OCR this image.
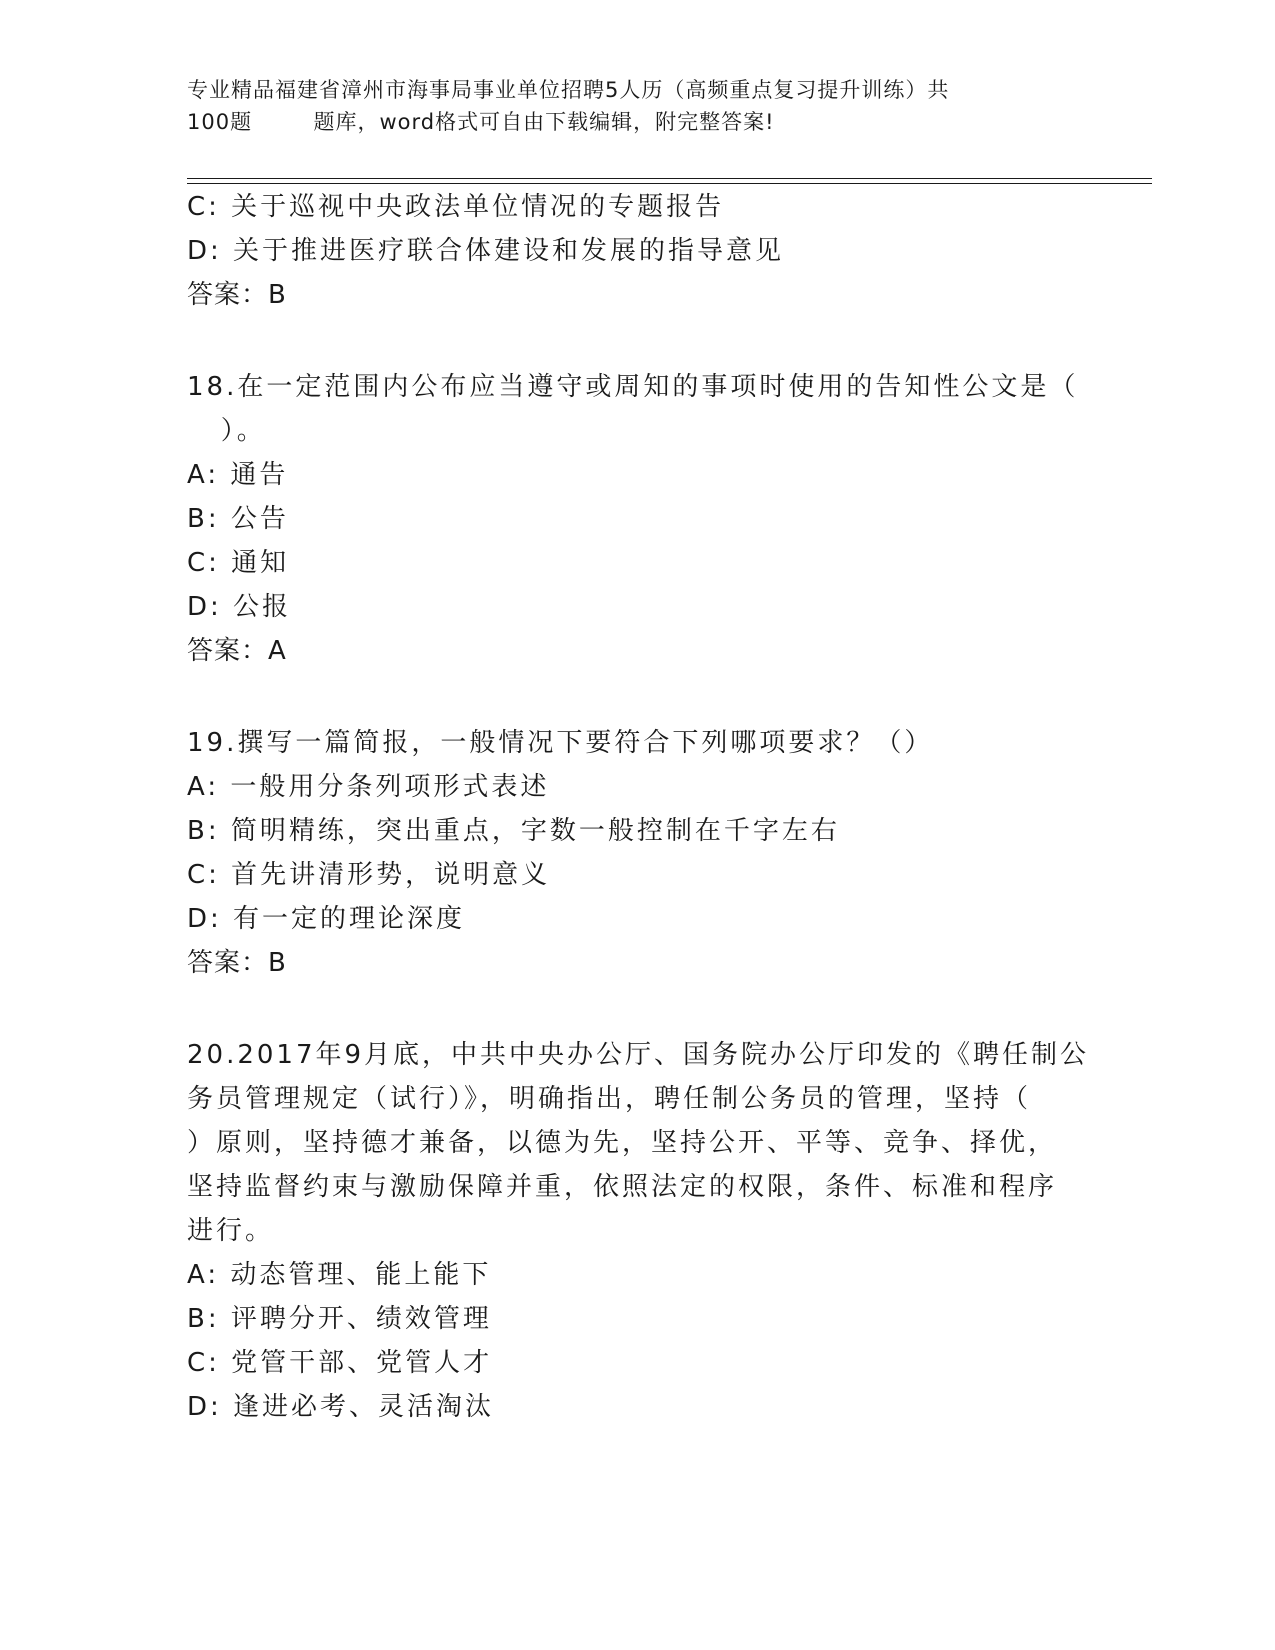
专业精品福建省漳州市海事局事业单位招聘5人历（高频重点复习提升训练）共
100题        题库，word格式可自由下载编辑，附完整答案!
C: 关于巡视中央政法单位情况的专题报告
D: 关于推进医疗联合体建设和发展的指导意见
答案：B
18.在一定范围内公布应当遵守或周知的事项时使用的告知性公文是（
）。
A: 通告
B: 公告
C: 通知
D: 公报
答案：A
19.撰写一篇简报，一般情况下要符合下列哪项要求？（）
A: 一般用分条列项形式表述
B: 简明精练，突出重点，字数一般控制在千字左右
C: 首先讲清形势，说明意义
D: 有一定的理论深度
答案：B
20.2017年9月底，中共中央办公厅、国务院办公厅印发的《聘任制公
务员管理规定（试行）》，明确指出，聘任制公务员的管理，坚持（
）原则，坚持德才兼备，以德为先，坚持公开、平等、竞争、择优，
坚持监督约束与激励保障并重，依照法定的权限，条件、标准和程序
进行。
A: 动态管理、能上能下
B: 评聘分开、绩效管理
C: 党管干部、党管人才
D: 逢进必考、灵活淘汰
